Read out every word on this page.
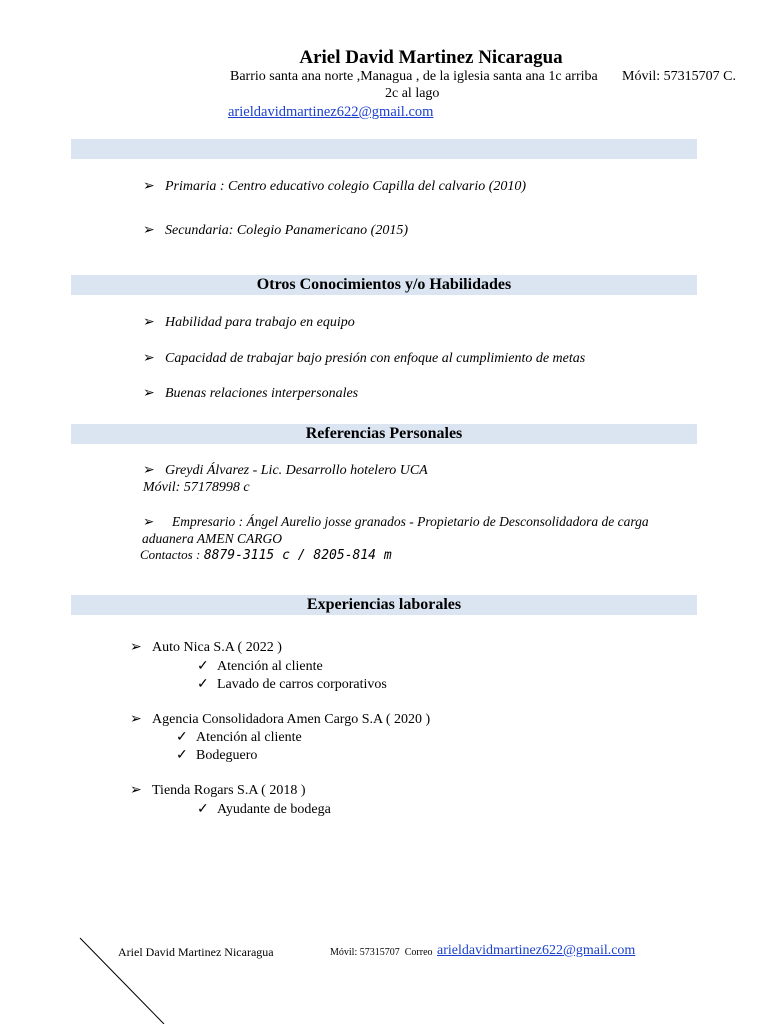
Ariel David Martinez Nicaragua
Barrio santa ana norte ,Managua , de la iglesia santa ana 1c arriba Móvil: 57315707 C.
2c al lago
arieldavidmartinez622@gmail.com
➢ Primaria : Centro educativo colegio Capilla del calvario (2010)
➢ Secundaria: Colegio Panamericano (2015)
Otros Conocimientos y/o Habilidades
➢ Habilidad para trabajo en equipo
➢ Capacidad de trabajar bajo presión con enfoque al cumplimiento de metas
➢ Buenas relaciones interpersonales
Referencias Personales
➢ Greydi Álvarez - Lic. Desarrollo hotelero UCA
Móvil: 57178998 c
➢ Empresario : Ángel Aurelio josse granados - Propietario de Desconsolidadora de carga
aduanera AMEN CARGO
Contactos : 8879-3115 c / 8205-814 m
Experiencias laborales
➢ Auto Nica S.A ( 2022 )
✓ Atención al cliente
✓ Lavado de carros corporativos
➢ Agencia Consolidadora Amen Cargo S.A ( 2020 )
✓ Atención al cliente
✓ Bodeguero
➢ Tienda Rogars S.A ( 2018 )
✓ Ayudante de bodega
Ariel David Martinez Nicaragua	Móvil: 57315707 Correo arieldavidmartinez622@gmail.com
